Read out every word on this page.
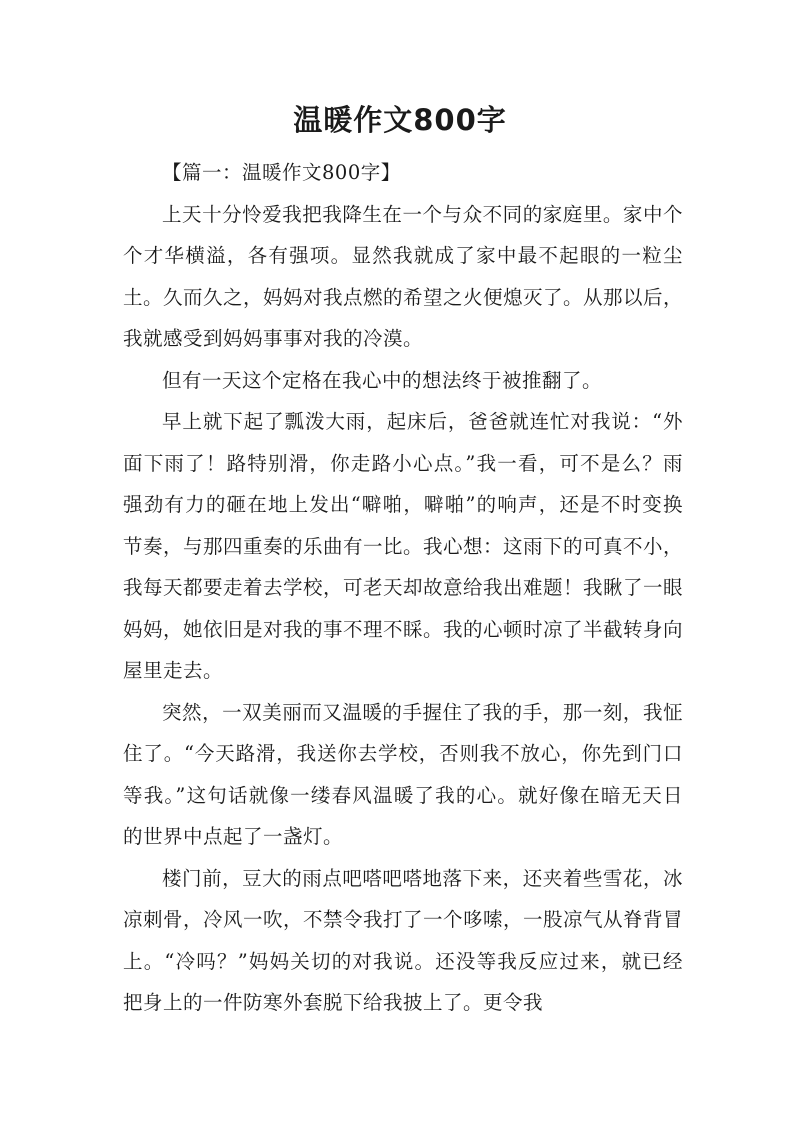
温暖作文800字

【篇一：温暖作文800字】

上天十分怜爱我把我降生在一个与众不同的家庭里。家中个个才华横溢，各有强项。显然我就成了家中最不起眼的一粒尘土。久而久之，妈妈对我点燃的希望之火便熄灭了。从那以后，我就感受到妈妈事事对我的冷漠。

但有一天这个定格在我心中的想法终于被推翻了。

早上就下起了瓢泼大雨，起床后，爸爸就连忙对我说：“外面下雨了！路特别滑，你走路小心点。”我一看，可不是么？雨强劲有力的砸在地上发出“噼啪，噼啪”的响声，还是不时变换节奏，与那四重奏的乐曲有一比。我心想：这雨下的可真不小，我每天都要走着去学校，可老天却故意给我出难题！我瞅了一眼妈妈，她依旧是对我的事不理不睬。我的心顿时凉了半截转身向屋里走去。

突然，一双美丽而又温暖的手握住了我的手，那一刻，我怔住了。“今天路滑，我送你去学校，否则我不放心，你先到门口等我。”这句话就像一缕春风温暖了我的心。就好像在暗无天日的世界中点起了一盏灯。

楼门前，豆大的雨点吧嗒吧嗒地落下来，还夹着些雪花，冰凉刺骨，冷风一吹，不禁令我打了一个哆嗦，一股凉气从脊背冒上。“冷吗？”妈妈关切的对我说。还没等我反应过来，就已经把身上的一件防寒外套脱下给我披上了。更令我
